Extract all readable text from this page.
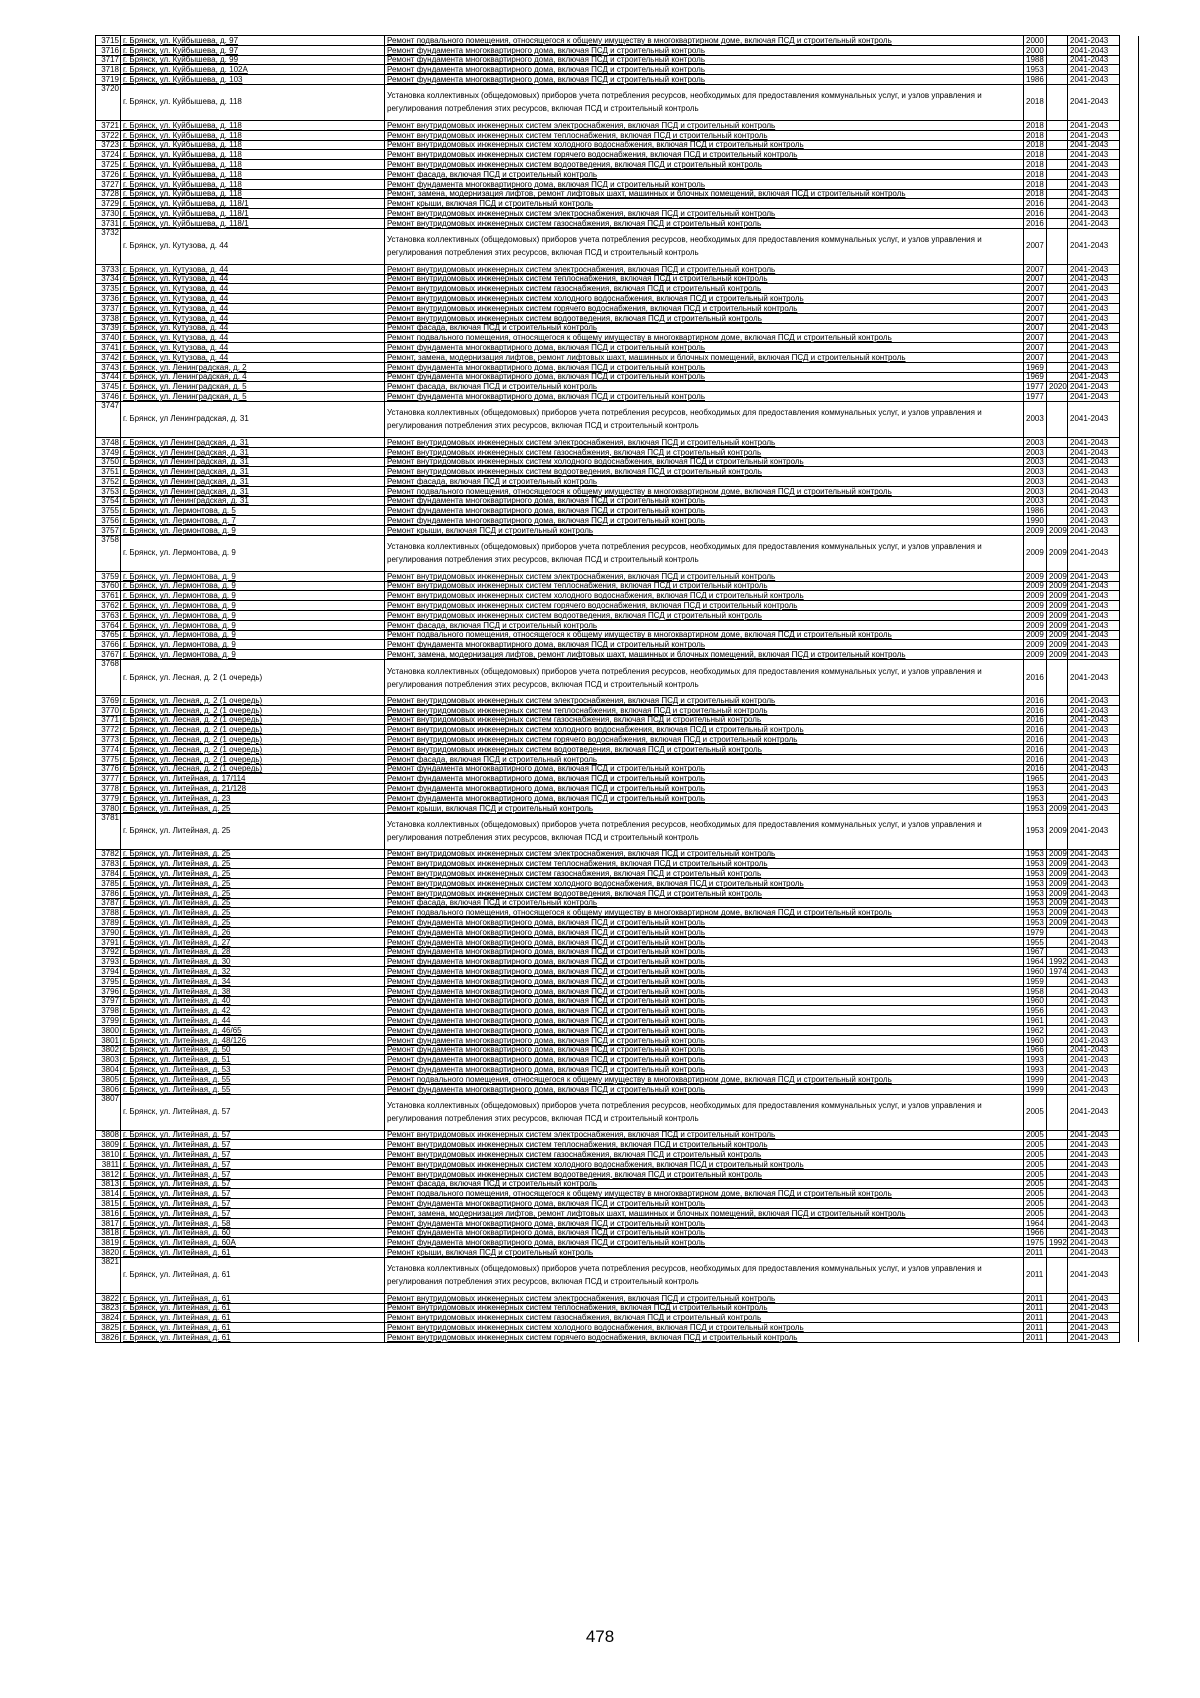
3715	г. Брянск, ул. Куйбышева, д. 97	Ремонт подвального помещения, относящегося к общему имуществу в многоквартирном доме, включая ПСД и строительный контроль	2000		2041-2043	
3716	г. Брянск, ул. Куйбышева, д. 97	Ремонт фундамента многоквартирного дома, включая ПСД и строительный контроль	2000		2041-2043	
3717	г. Брянск, ул. Куйбышева, д. 99	Ремонт фундамента многоквартирного дома, включая ПСД и строительный контроль	1988		2041-2043	
3718	г. Брянск, ул. Куйбышева, д. 102А	Ремонт фундамента многоквартирного дома, включая ПСД и строительный контроль	1953		2041-2043	
3719	г. Брянск, ул. Куйбышева, д. 103	Ремонт фундамента многоквартирного дома, включая ПСД и строительный контроль	1986		2041-2043	
3720	г. Брянск, ул. Куйбышева, д. 118	Установка коллективных (общедомовых) приборов учета потребления ресурсов, необходимых для предоставления коммунальных услуг, и узлов управления и регулирования потребления этих ресурсов, включая ПСД и строительный контроль	2018		2041-2043	
3721	г. Брянск, ул. Куйбышева, д. 118	Ремонт внутридомовых инженерных систем электроснабжения, включая ПСД и строительный контроль	2018		2041-2043	
3722	г. Брянск, ул. Куйбышева, д. 118	Ремонт внутридомовых инженерных систем теплоснабжения, включая ПСД и строительный контроль	2018		2041-2043	
3723	г. Брянск, ул. Куйбышева, д. 118	Ремонт внутридомовых инженерных систем холодного водоснабжения, включая ПСД и строительный контроль	2018		2041-2043	
3724	г. Брянск, ул. Куйбышева, д. 118	Ремонт внутридомовых инженерных систем горячего водоснабжения, включая ПСД и строительный контроль	2018		2041-2043	
3725	г. Брянск, ул. Куйбышева, д. 118	Ремонт внутридомовых инженерных систем водоотведения, включая ПСД и строительный контроль	2018		2041-2043	
3726	г. Брянск, ул. Куйбышева, д. 118	Ремонт фасада, включая ПСД и строительный контроль	2018		2041-2043	
3727	г. Брянск, ул. Куйбышева, д. 118	Ремонт фундамента многоквартирного дома, включая ПСД и строительный контроль	2018		2041-2043	
3728	г. Брянск, ул. Куйбышева, д. 118	Ремонт, замена, модернизация лифтов, ремонт лифтовых шахт, машинных и блочных помещений, включая ПСД и строительный контроль	2018		2041-2043	
3729	г. Брянск, ул. Куйбышева, д. 118/1	Ремонт крыши, включая ПСД и строительный контроль	2016		2041-2043	
3730	г. Брянск, ул. Куйбышева, д. 118/1	Ремонт внутридомовых инженерных систем электроснабжения, включая ПСД и строительный контроль	2016		2041-2043	
3731	г. Брянск, ул. Куйбышева, д. 118/1	Ремонт внутридомовых инженерных систем газоснабжения, включая ПСД и строительный контроль	2016		2041-2043	
3732	г. Брянск, ул. Кутузова, д. 44	Установка коллективных (общедомовых) приборов учета потребления ресурсов, необходимых для предоставления коммунальных услуг, и узлов управления и регулирования потребления этих ресурсов, включая ПСД и строительный контроль	2007		2041-2043	
3733	г. Брянск, ул. Кутузова, д. 44	Ремонт внутридомовых инженерных систем электроснабжения, включая ПСД и строительный контроль	2007		2041-2043	
3734	г. Брянск, ул. Кутузова, д. 44	Ремонт внутридомовых инженерных систем теплоснабжения, включая ПСД и строительный контроль	2007		2041-2043	
3735	г. Брянск, ул. Кутузова, д. 44	Ремонт внутридомовых инженерных систем газоснабжения, включая ПСД и строительный контроль	2007		2041-2043	
3736	г. Брянск, ул. Кутузова, д. 44	Ремонт внутридомовых инженерных систем холодного водоснабжения, включая ПСД и строительный контроль	2007		2041-2043	
3737	г. Брянск, ул. Кутузова, д. 44	Ремонт внутридомовых инженерных систем горячего водоснабжения, включая ПСД и строительный контроль	2007		2041-2043	
3738	г. Брянск, ул. Кутузова, д. 44	Ремонт внутридомовых инженерных систем водоотведения, включая ПСД и строительный контроль	2007		2041-2043	
3739	г. Брянск, ул. Кутузова, д. 44	Ремонт фасада, включая ПСД и строительный контроль	2007		2041-2043	
3740	г. Брянск, ул. Кутузова, д. 44	Ремонт подвального помещения, относящегося к общему имуществу в многоквартирном доме, включая ПСД и строительный контроль	2007		2041-2043	
3741	г. Брянск, ул. Кутузова, д. 44	Ремонт фундамента многоквартирного дома, включая ПСД и строительный контроль	2007		2041-2043	
3742	г. Брянск, ул. Кутузова, д. 44	Ремонт, замена, модернизация лифтов, ремонт лифтовых шахт, машинных и блочных помещений, включая ПСД и строительный контроль	2007		2041-2043	
3743	г. Брянск, ул. Ленинградская, д. 2	Ремонт фундамента многоквартирного дома, включая ПСД и строительный контроль	1969		2041-2043	
3744	г. Брянск, ул. Ленинградская, д. 4	Ремонт фундамента многоквартирного дома, включая ПСД и строительный контроль	1969		2041-2043	
3745	г. Брянск, ул. Ленинградская, д. 5	Ремонт фасада, включая ПСД и строительный контроль	1977	2020	2041-2043	
3746	г. Брянск, ул. Ленинградская, д. 5	Ремонт фундамента многоквартирного дома, включая ПСД и строительный контроль	1977		2041-2043	
3747	г. Брянск, ул Ленинградская, д. 31	Установка коллективных (общедомовых) приборов учета потребления ресурсов, необходимых для предоставления коммунальных услуг, и узлов управления и регулирования потребления этих ресурсов, включая ПСД и строительный контроль	2003		2041-2043	
3748	г. Брянск, ул Ленинградская, д. 31	Ремонт внутридомовых инженерных систем электроснабжения, включая ПСД и строительный контроль	2003		2041-2043	
3749	г. Брянск, ул Ленинградская, д. 31	Ремонт внутридомовых инженерных систем газоснабжения, включая ПСД и строительный контроль	2003		2041-2043	
3750	г. Брянск, ул Ленинградская, д. 31	Ремонт внутридомовых инженерных систем холодного водоснабжения, включая ПСД и строительный контроль	2003		2041-2043	
3751	г. Брянск, ул Ленинградская, д. 31	Ремонт внутридомовых инженерных систем водоотведения, включая ПСД и строительный контроль	2003		2041-2043	
3752	г. Брянск, ул Ленинградская, д. 31	Ремонт фасада, включая ПСД и строительный контроль	2003		2041-2043	
3753	г. Брянск, ул Ленинградская, д. 31	Ремонт подвального помещения, относящегося к общему имуществу в многоквартирном доме, включая ПСД и строительный контроль	2003		2041-2043	
3754	г. Брянск, ул Ленинградская, д. 31	Ремонт фундамента многоквартирного дома, включая ПСД и строительный контроль	2003		2041-2043	
3755	г. Брянск, ул. Лермонтова, д. 5	Ремонт фундамента многоквартирного дома, включая ПСД и строительный контроль	1986		2041-2043	
3756	г. Брянск, ул. Лермонтова, д. 7	Ремонт фундамента многоквартирного дома, включая ПСД и строительный контроль	1990		2041-2043	
3757	г. Брянск, ул. Лермонтова, д. 9	Ремонт крыши, включая ПСД и строительный контроль	2009	2009	2041-2043	
3758	г. Брянск, ул. Лермонтова, д. 9	Установка коллективных (общедомовых) приборов учета потребления ресурсов, необходимых для предоставления коммунальных услуг, и узлов управления и регулирования потребления этих ресурсов, включая ПСД и строительный контроль	2009	2009	2041-2043	
3759	г. Брянск, ул. Лермонтова, д. 9	Ремонт внутридомовых инженерных систем электроснабжения, включая ПСД и строительный контроль	2009	2009	2041-2043	
3760	г. Брянск, ул. Лермонтова, д. 9	Ремонт внутридомовых инженерных систем теплоснабжения, включая ПСД и строительный контроль	2009	2009	2041-2043	
3761	г. Брянск, ул. Лермонтова, д. 9	Ремонт внутридомовых инженерных систем холодного водоснабжения, включая ПСД и строительный контроль	2009	2009	2041-2043	
3762	г. Брянск, ул. Лермонтова, д. 9	Ремонт внутридомовых инженерных систем горячего водоснабжения, включая ПСД и строительный контроль	2009	2009	2041-2043	
3763	г. Брянск, ул. Лермонтова, д. 9	Ремонт внутридомовых инженерных систем водоотведения, включая ПСД и строительный контроль	2009	2009	2041-2043	
3764	г. Брянск, ул. Лермонтова, д. 9	Ремонт фасада, включая ПСД и строительный контроль	2009	2009	2041-2043	
3765	г. Брянск, ул. Лермонтова, д. 9	Ремонт подвального помещения, относящегося к общему имуществу в многоквартирном доме, включая ПСД и строительный контроль	2009	2009	2041-2043	
3766	г. Брянск, ул. Лермонтова, д. 9	Ремонт фундамента многоквартирного дома, включая ПСД и строительный контроль	2009	2009	2041-2043	
3767	г. Брянск, ул. Лермонтова, д. 9	Ремонт, замена, модернизация лифтов, ремонт лифтовых шахт, машинных и блочных помещений, включая ПСД и строительный контроль	2009	2009	2041-2043	
3768	г. Брянск, ул. Лесная, д. 2 (1 очередь)	Установка коллективных (общедомовых) приборов учета потребления ресурсов, необходимых для предоставления коммунальных услуг, и узлов управления и регулирования потребления этих ресурсов, включая ПСД и строительный контроль	2016		2041-2043	
3769	г. Брянск, ул. Лесная, д. 2 (1 очередь)	Ремонт внутридомовых инженерных систем электроснабжения, включая ПСД и строительный контроль	2016		2041-2043	
3770	г. Брянск, ул. Лесная, д. 2 (1 очередь)	Ремонт внутридомовых инженерных систем теплоснабжения, включая ПСД и строительный контроль	2016		2041-2043	
3771	г. Брянск, ул. Лесная, д. 2 (1 очередь)	Ремонт внутридомовых инженерных систем газоснабжения, включая ПСД и строительный контроль	2016		2041-2043	
3772	г. Брянск, ул. Лесная, д. 2 (1 очередь)	Ремонт внутридомовых инженерных систем холодного водоснабжения, включая ПСД и строительный контроль	2016		2041-2043	
3773	г. Брянск, ул. Лесная, д. 2 (1 очередь)	Ремонт внутридомовых инженерных систем горячего водоснабжения, включая ПСД и строительный контроль	2016		2041-2043	
3774	г. Брянск, ул. Лесная, д. 2 (1 очередь)	Ремонт внутридомовых инженерных систем водоотведения, включая ПСД и строительный контроль	2016		2041-2043	
3775	г. Брянск, ул. Лесная, д. 2 (1 очередь)	Ремонт фасада, включая ПСД и строительный контроль	2016		2041-2043	
3776	г. Брянск, ул. Лесная, д. 2 (1 очередь)	Ремонт фундамента многоквартирного дома, включая ПСД и строительный контроль	2016		2041-2043	
3777	г. Брянск, ул. Литейная, д. 17/114	Ремонт фундамента многоквартирного дома, включая ПСД и строительный контроль	1965		2041-2043	
3778	г. Брянск, ул. Литейная, д. 21/128	Ремонт фундамента многоквартирного дома, включая ПСД и строительный контроль	1953		2041-2043	
3779	г. Брянск, ул. Литейная, д. 23	Ремонт фундамента многоквартирного дома, включая ПСД и строительный контроль	1953		2041-2043	
3780	г. Брянск, ул. Литейная, д. 25	Ремонт крыши, включая ПСД и строительный контроль	1953	2009	2041-2043	
3781	г. Брянск, ул. Литейная, д. 25	Установка коллективных (общедомовых) приборов учета потребления ресурсов, необходимых для предоставления коммунальных услуг, и узлов управления и регулирования потребления этих ресурсов, включая ПСД и строительный контроль	1953	2009	2041-2043	
3782	г. Брянск, ул. Литейная, д. 25	Ремонт внутридомовых инженерных систем электроснабжения, включая ПСД и строительный контроль	1953	2009	2041-2043	
3783	г. Брянск, ул. Литейная, д. 25	Ремонт внутридомовых инженерных систем теплоснабжения, включая ПСД и строительный контроль	1953	2009	2041-2043	
3784	г. Брянск, ул. Литейная, д. 25	Ремонт внутридомовых инженерных систем газоснабжения, включая ПСД и строительный контроль	1953	2009	2041-2043	
3785	г. Брянск, ул. Литейная, д. 25	Ремонт внутридомовых инженерных систем холодного водоснабжения, включая ПСД и строительный контроль	1953	2009	2041-2043	
3786	г. Брянск, ул. Литейная, д. 25	Ремонт внутридомовых инженерных систем водоотведения, включая ПСД и строительный контроль	1953	2009	2041-2043	
3787	г. Брянск, ул. Литейная, д. 25	Ремонт фасада, включая ПСД и строительный контроль	1953	2009	2041-2043	
3788	г. Брянск, ул. Литейная, д. 25	Ремонт подвального помещения, относящегося к общему имуществу в многоквартирном доме, включая ПСД и строительный контроль	1953	2009	2041-2043	
3789	г. Брянск, ул. Литейная, д. 25	Ремонт фундамента многоквартирного дома, включая ПСД и строительный контроль	1953	2009	2041-2043	
3790	г. Брянск, ул. Литейная, д. 26	Ремонт фундамента многоквартирного дома, включая ПСД и строительный контроль	1979		2041-2043	
3791	г. Брянск, ул. Литейная, д. 27	Ремонт фундамента многоквартирного дома, включая ПСД и строительный контроль	1955		2041-2043	
3792	г. Брянск, ул. Литейная, д. 28	Ремонт фундамента многоквартирного дома, включая ПСД и строительный контроль	1967		2041-2043	
3793	г. Брянск, ул. Литейная, д. 30	Ремонт фундамента многоквартирного дома, включая ПСД и строительный контроль	1964	1992	2041-2043	
3794	г. Брянск, ул. Литейная, д. 32	Ремонт фундамента многоквартирного дома, включая ПСД и строительный контроль	1960	1974	2041-2043	
3795	г. Брянск, ул. Литейная, д. 34	Ремонт фундамента многоквартирного дома, включая ПСД и строительный контроль	1959		2041-2043	
3796	г. Брянск, ул. Литейная, д. 38	Ремонт фундамента многоквартирного дома, включая ПСД и строительный контроль	1958		2041-2043	
3797	г. Брянск, ул. Литейная, д. 40	Ремонт фундамента многоквартирного дома, включая ПСД и строительный контроль	1960		2041-2043	
3798	г. Брянск, ул. Литейная, д. 42	Ремонт фундамента многоквартирного дома, включая ПСД и строительный контроль	1956		2041-2043	
3799	г. Брянск, ул. Литейная, д. 44	Ремонт фундамента многоквартирного дома, включая ПСД и строительный контроль	1961		2041-2043	
3800	г. Брянск, ул. Литейная, д. 46/65	Ремонт фундамента многоквартирного дома, включая ПСД и строительный контроль	1962		2041-2043	
3801	г. Брянск, ул. Литейная, д. 48/126	Ремонт фундамента многоквартирного дома, включая ПСД и строительный контроль	1960		2041-2043	
3802	г. Брянск, ул. Литейная, д. 50	Ремонт фундамента многоквартирного дома, включая ПСД и строительный контроль	1966		2041-2043	
3803	г. Брянск, ул. Литейная, д. 51	Ремонт фундамента многоквартирного дома, включая ПСД и строительный контроль	1993		2041-2043	
3804	г. Брянск, ул. Литейная, д. 53	Ремонт фундамента многоквартирного дома, включая ПСД и строительный контроль	1993		2041-2043	
3805	г. Брянск, ул. Литейная, д. 55	Ремонт подвального помещения, относящегося к общему имуществу в многоквартирном доме, включая ПСД и строительный контроль	1999		2041-2043	
3806	г. Брянск, ул. Литейная, д. 55	Ремонт фундамента многоквартирного дома, включая ПСД и строительный контроль	1999		2041-2043	
3807	г. Брянск, ул. Литейная, д. 57	Установка коллективных (общедомовых) приборов учета потребления ресурсов, необходимых для предоставления коммунальных услуг, и узлов управления и регулирования потребления этих ресурсов, включая ПСД и строительный контроль	2005		2041-2043	
3808	г. Брянск, ул. Литейная, д. 57	Ремонт внутридомовых инженерных систем электроснабжения, включая ПСД и строительный контроль	2005		2041-2043	
3809	г. Брянск, ул. Литейная, д. 57	Ремонт внутридомовых инженерных систем теплоснабжения, включая ПСД и строительный контроль	2005		2041-2043	
3810	г. Брянск, ул. Литейная, д. 57	Ремонт внутридомовых инженерных систем газоснабжения, включая ПСД и строительный контроль	2005		2041-2043	
3811	г. Брянск, ул. Литейная, д. 57	Ремонт внутридомовых инженерных систем холодного водоснабжения, включая ПСД и строительный контроль	2005		2041-2043	
3812	г. Брянск, ул. Литейная, д. 57	Ремонт внутридомовых инженерных систем водоотведения, включая ПСД и строительный контроль	2005		2041-2043	
3813	г. Брянск, ул. Литейная, д. 57	Ремонт фасада, включая ПСД и строительный контроль	2005		2041-2043	
3814	г. Брянск, ул. Литейная, д. 57	Ремонт подвального помещения, относящегося к общему имуществу в многоквартирном доме, включая ПСД и строительный контроль	2005		2041-2043	
3815	г. Брянск, ул. Литейная, д. 57	Ремонт фундамента многоквартирного дома, включая ПСД и строительный контроль	2005		2041-2043	
3816	г. Брянск, ул. Литейная, д. 57	Ремонт, замена, модернизация лифтов, ремонт лифтовых шахт, машинных и блочных помещений, включая ПСД и строительный контроль	2005		2041-2043	
3817	г. Брянск, ул. Литейная, д. 58	Ремонт фундамента многоквартирного дома, включая ПСД и строительный контроль	1964		2041-2043	
3818	г. Брянск, ул. Литейная, д. 60	Ремонт фундамента многоквартирного дома, включая ПСД и строительный контроль	1966		2041-2043	
3819	г. Брянск, ул. Литейная, д. 60А	Ремонт фундамента многоквартирного дома, включая ПСД и строительный контроль	1975	1992	2041-2043	
3820	г. Брянск, ул. Литейная, д. 61	Ремонт крыши, включая ПСД и строительный контроль	2011		2041-2043	
3821	г. Брянск, ул. Литейная, д. 61	Установка коллективных (общедомовых) приборов учета потребления ресурсов, необходимых для предоставления коммунальных услуг, и узлов управления и регулирования потребления этих ресурсов, включая ПСД и строительный контроль	2011		2041-2043	
3822	г. Брянск, ул. Литейная, д. 61	Ремонт внутридомовых инженерных систем электроснабжения, включая ПСД и строительный контроль	2011		2041-2043	
3823	г. Брянск, ул. Литейная, д. 61	Ремонт внутридомовых инженерных систем теплоснабжения, включая ПСД и строительный контроль	2011		2041-2043	
3824	г. Брянск, ул. Литейная, д. 61	Ремонт внутридомовых инженерных систем газоснабжения, включая ПСД и строительный контроль	2011		2041-2043	
3825	г. Брянск, ул. Литейная, д. 61	Ремонт внутридомовых инженерных систем холодного водоснабжения, включая ПСД и строительный контроль	2011		2041-2043	
3826	г. Брянск, ул. Литейная, д. 61	Ремонт внутридомовых инженерных систем горячего водоснабжения, включая ПСД и строительный контроль	2011		2041-2043	
478
